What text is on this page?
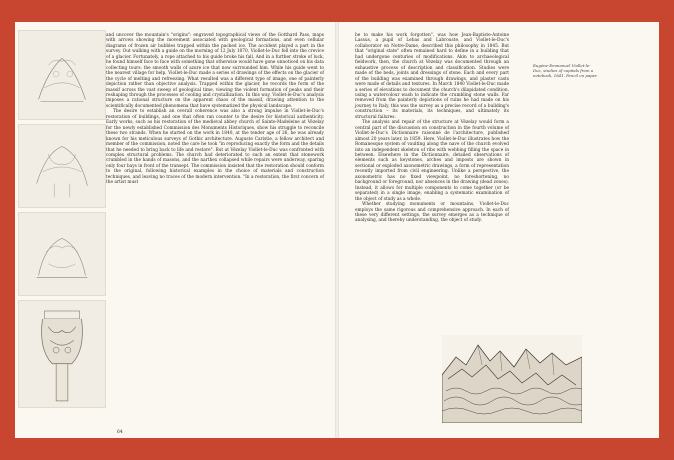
and uncover the mountain's "origins": engraved topographical views of the Gotthard Pass, maps with arrows showing the movement associated with geological formations, and even cellular diagrams of frozen air bubbles trapped within the packed ice. The accident played a part in the survey. Out walking with a guide on the morning of 12 July 1870, Viollet-le-Duc fell into the crevice of a glacier. Fortunately, a rope attached to his guide broke his fall. And in a further stroke of luck, he found himself face to face with something that otherwise would have gone unnoticed on his data collecting tours: the smooth walls of azure ice that now surrounded him. While his guide went to the nearest village for help, Viollet-le-Duc made a series of drawings of the effects on the glacier of the cycle of melting and refreezing. What resulted was a different type of image, one of painterly depiction rather than objective analysis. Trapped within the glacier, he records the form of the massif across the vast sweep of geological time, viewing the violent formation of peaks and their reshaping through the processes of cooling and crystallization. In this way, Viollet-le-Duc's analysis imposes a rational structure on the apparent chaos of the massif, drawing attention to the scientifically documented phenomena that have systematized the physical landscape.

The desire to establish an overall coherence was also a strong impulse in Viollet-le-Duc's restoration of buildings, and one that often ran counter to the desire for historical authenticity. Early works, such as his restoration of the medieval abbey church of Sainte-Madeleine at Vézelay for the newly established Commission des Monuments Historiques, show his struggle to reconcile these two strands. When he started on the work in 1840, at the tender age of 26, he was already known for his meticulous surveys of Gothic architecture. Auguste Caristie, a fellow architect and member of the commission, noted the care he took "in reproducing exactly the form and the details that he needed to bring back to life and restore". But at Vézelay Viollet-le-Duc was confronted with complex structural problems. The church had deteriorated to such an extent that stonework crumbled in the hands of masons, and the narthex collapsed while repairs were underway, sparing only four bays in front of the transept. The commission insisted that the restoration should conform to the original, following historical examples in the choice of materials and construction techniques, and leaving no traces of the modern intervention. "In a restoration, the first concern of the artist must

64

be to make his work forgotten", was how Jean-Baptiste-Antoine Lassus, a pupil of Lebas and Labrouste, and Viollet-le-Duc's collaborator on Notre-Dame, described this philosophy in 1845. But that "original state" often remained hard to define in a building that had undergone centuries of modifications. Akin to archaeological fieldwork, then, the church at Vézelay was documented through an exhaustive process of description and classification. Studies were made of the beds, joints and dressings of stone. Each and every part of the building was examined through drawings, and plaster casts were made of details and textures. In March 1840 Viollet-le-Duc made a series of elevations to document the church's dilapidated condition, using a watercolour wash to indicate the crumbling stone walls. Far removed from the painterly depictions of ruins he had made on his journey to Italy, this was the survey as a precise record of a building's construction – its materials, its techniques, and ultimately its structural failures.

The analysis and repair of the structure at Vézelay would form a central part of the discussion on construction in the fourth volume of Viollet-le-Duc's Dictionnaire raisonné de l'architecture, published almost 20 years later, in 1859. Here, Viollet-le-Duc illustrates how the Romanesque system of vaulting along the nave of the church evolved into an independent skeleton of ribs with webbing filling the space in between. Elsewhere in the Dictionnaire, detailed observations of elements such as keystones, arches and imposts are shown in sectional or exploded axonometric drawings, a form of representation recently imported from civil engineering. Unlike a perspective, the axonometric has no fixed viewpoint, no foreshortening, no background or foreground, nor absences in the drawing (dead zones). Instead, it allows for multiple components to come together (or be separated) in a single image, enabling a systematic examination of the object of study as a whole.

Whether studying monuments or mountains, Viollet-le-Duc employs the same rigorous and comprehensive approach. In each of these very different settings, the survey emerges as a technique of analysing, and thereby understanding, the object of study.

Eugène-Emmanuel Viollet-le-Duc, studies of capitals from a notebook, 1841. Pencil on paper.
